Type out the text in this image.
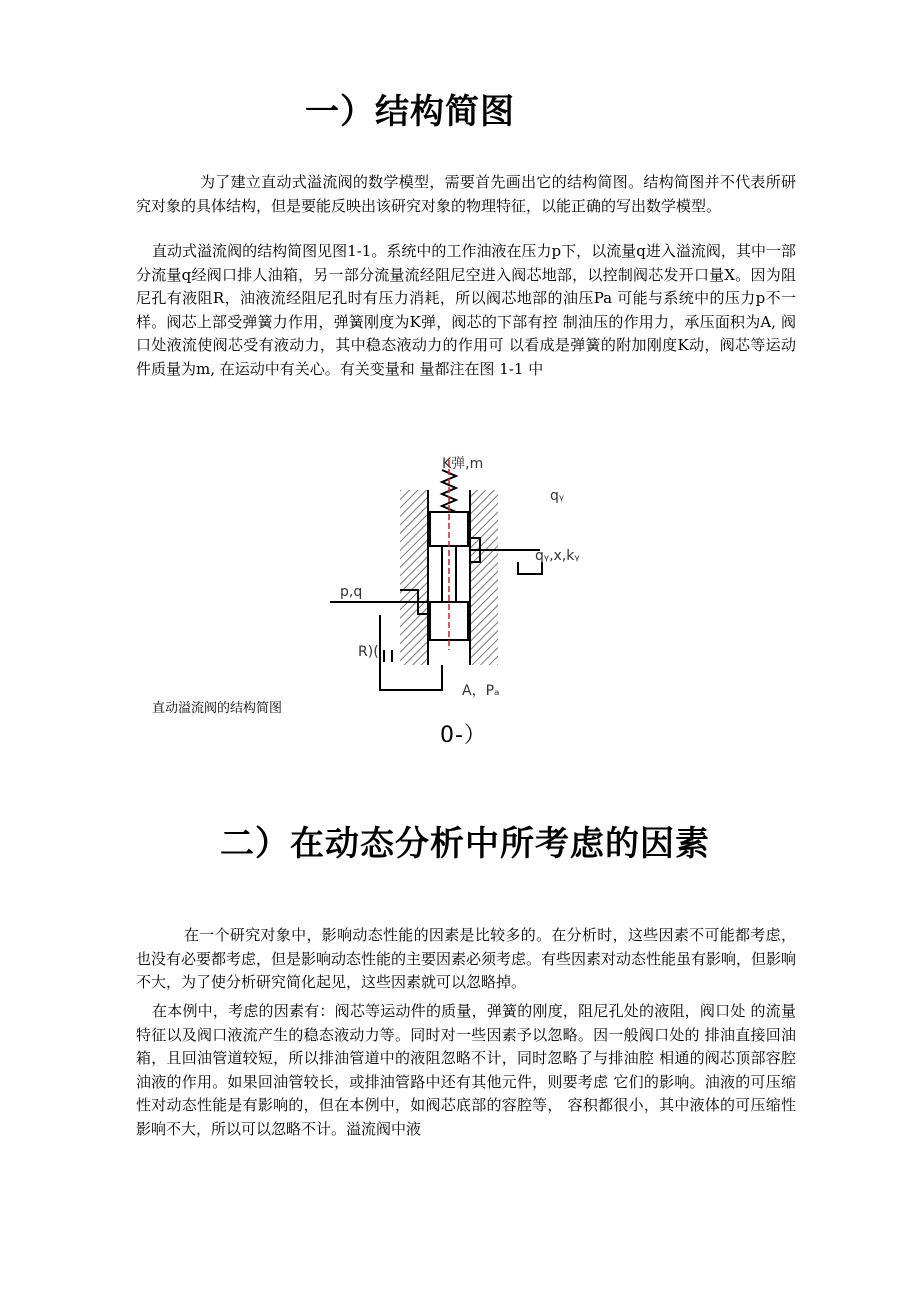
一）结构简图
为了建立直动式溢流阀的数学模型，需要首先画出它的结构简图。结构简图并不代表所研究对象的具体结构，但是要能反映出该研究对象的物理特征，以能正确的写出数学模型。
直动式溢流阀的结构简图见图1-1。系统中的工作油液在压力p下，以流量q进入溢流阀，其中一部分流量q经阀口排人油箱，另一部分流量流经阻尼空进入阀芯地部，以控制阀芯发开口量X。因为阻尼孔有液阻R，油液流经阻尼孔时有压力消耗，所以阀芯地部的油压Pa 可能与系统中的压力p不一样。阀芯上部受弹簧力作用，弹簧刚度为K弹，阀芯的下部有控 制油压的作用力，承压面积为A, 阀口处液流使阀芯受有液动力，其中稳态液动力的作用可 以看成是弹簧的附加刚度K动，阀芯等运动件质量为m, 在运动中有关心。有关变量和 量都注在图 1-1 中
K弹,m
qᵧ
qᵧ,x,kᵧ
p,q
R)(
A，Pₐ
直动溢流阀的结构简图
0-）
二）在动态分析中所考虑的因素
在一个研究对象中，影响动态性能的因素是比较多的。在分析时，这些因素不可能都考虑，也没有必要都考虑，但是影响动态性能的主要因素必须考虑。有些因素对动态性能虽有影响，但影响不大，为了使分析研究简化起见，这些因素就可以忽略掉。
在本例中，考虑的因素有：阀芯等运动件的质量，弹簧的刚度，阻尼孔处的液阻，阀口处 的流量特征以及阀口液流产生的稳态液动力等。同时对一些因素予以忽略。因一般阀口处的 排油直接回油箱，且回油管道较短，所以排油管道中的液阻忽略不计，同时忽略了与排油腔 相通的阀芯顶部容腔油液的作用。如果回油管较长，或排油管路中还有其他元件，则要考虑 它们的影响。油液的可压缩性对动态性能是有影响的，但在本例中，如阀芯底部的容腔等， 容积都很小，其中液体的可压缩性影响不大，所以可以忽略不计。溢流阀中液
